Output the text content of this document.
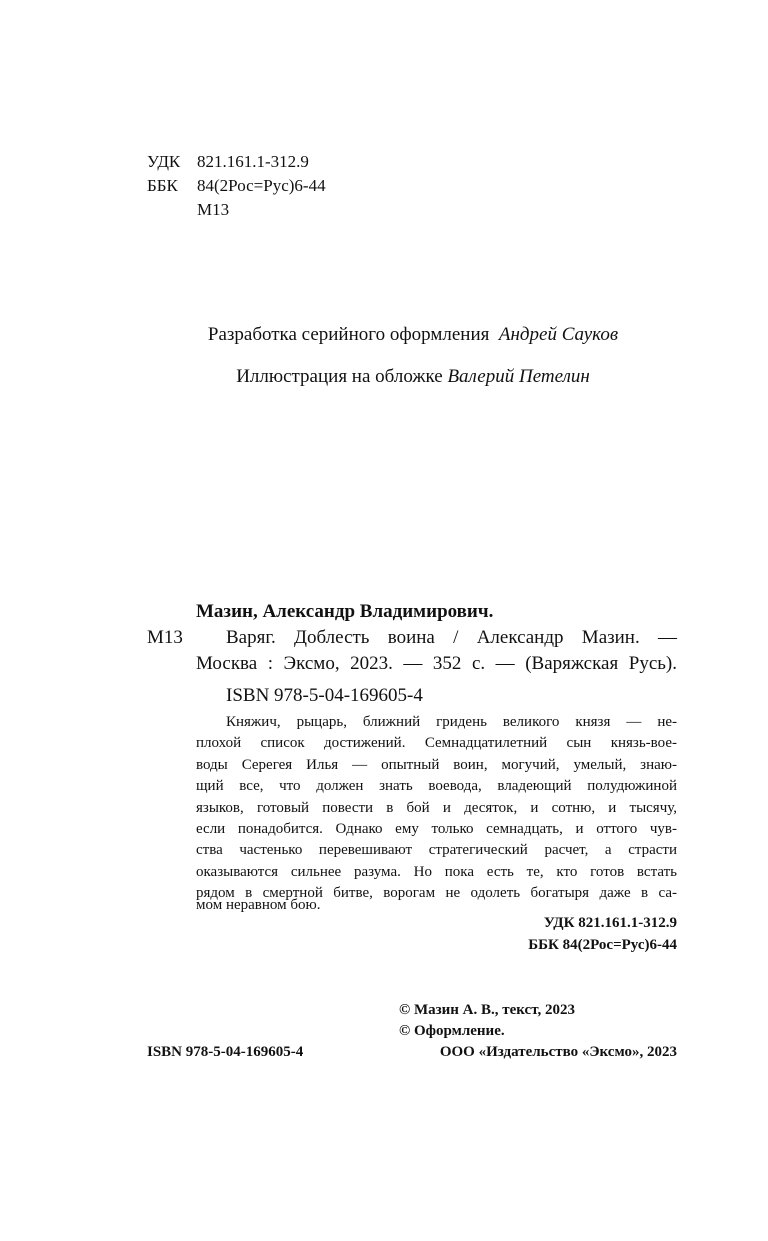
УДК 821.161.1-312.9
ББК 84(2Рос=Рус)6-44
М13
Разработка серийного оформления Андрей Сауков
Иллюстрация на обложке Валерий Петелин
Мазин, Александр Владимирович.
М13 Варяг. Доблесть воина / Александр Мазин. —
Москва : Эксмо, 2023. — 352 с. — (Варяжская Русь).
ISBN 978-5-04-169605-4
Княжич, рыцарь, ближний гридень великого князя — не-
плохой список достижений. Семнадцатилетний сын князь-вое-
воды Серегея Илья — опытный воин, могучий, умелый, знаю-
щий все, что должен знать воевода, владеющий полудюжиной
языков, готовый повести в бой и десяток, и сотню, и тысячу,
если понадобится. Однако ему только семнадцать, и оттого чув-
ства частенько перевешивают стратегический расчет, а страсти
оказываются сильнее разума. Но пока есть те, кто готов встать
рядом в смертной битве, ворогам не одолеть богатыря даже в са-
мом неравном бою.
УДК 821.161.1-312.9
ББК 84(2Рос=Рус)6-44
© Мазин А. В., текст, 2023
© Оформление.
ООО «Издательство «Эксмо», 2023
ISBN 978-5-04-169605-4
